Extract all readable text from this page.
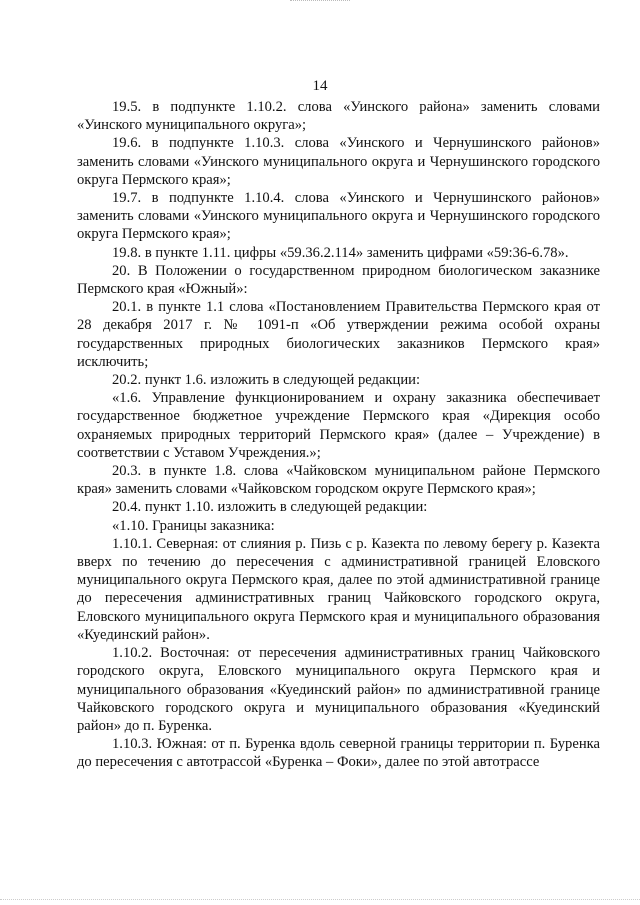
14

19.5. в подпункте 1.10.2. слова «Уинского района» заменить словами «Уинского муниципального округа»;

19.6. в подпункте 1.10.3. слова «Уинского и Чернушинского районов» заменить словами «Уинского муниципального округа и Чернушинского городского округа Пермского края»;

19.7. в подпункте 1.10.4. слова «Уинского и Чернушинского районов» заменить словами «Уинского муниципального округа и Чернушинского городского округа Пермского края»;

19.8. в пункте 1.11. цифры «59.36.2.114» заменить цифрами «59:36-6.78».

20. В Положении о государственном природном биологическом заказнике Пермского края «Южный»:

20.1. в пункте 1.1 слова «Постановлением Правительства Пермского края от 28 декабря 2017 г. № 1091-п «Об утверждении режима особой охраны государственных природных биологических заказников Пермского края» исключить;

20.2. пункт 1.6. изложить в следующей редакции:

«1.6. Управление функционированием и охрану заказника обеспечивает государственное бюджетное учреждение Пермского края «Дирекция особо охраняемых природных территорий Пермского края» (далее – Учреждение) в соответствии с Уставом Учреждения.»;

20.3. в пункте 1.8. слова «Чайковском муниципальном районе Пермского края» заменить словами «Чайковском городском округе Пермского края»;

20.4. пункт 1.10. изложить в следующей редакции:

«1.10. Границы заказника:

1.10.1. Северная: от слияния р. Пизь с р. Казекта по левому берегу р. Казекта вверх по течению до пересечения с административной границей Еловского муниципального округа Пермского края, далее по этой административной границе до пересечения административных границ Чайковского городского округа, Еловского муниципального округа Пермского края и муниципального образования «Куединский район».

1.10.2. Восточная: от пересечения административных границ Чайковского городского округа, Еловского муниципального округа Пермского края и муниципального образования «Куединский район» по административной границе Чайковского городского округа и муниципального образования «Куединский район» до п. Буренка.

1.10.3. Южная: от п. Буренка вдоль северной границы территории п. Буренка до пересечения с автотрассой «Буренка – Фоки», далее по этой автотрассе
